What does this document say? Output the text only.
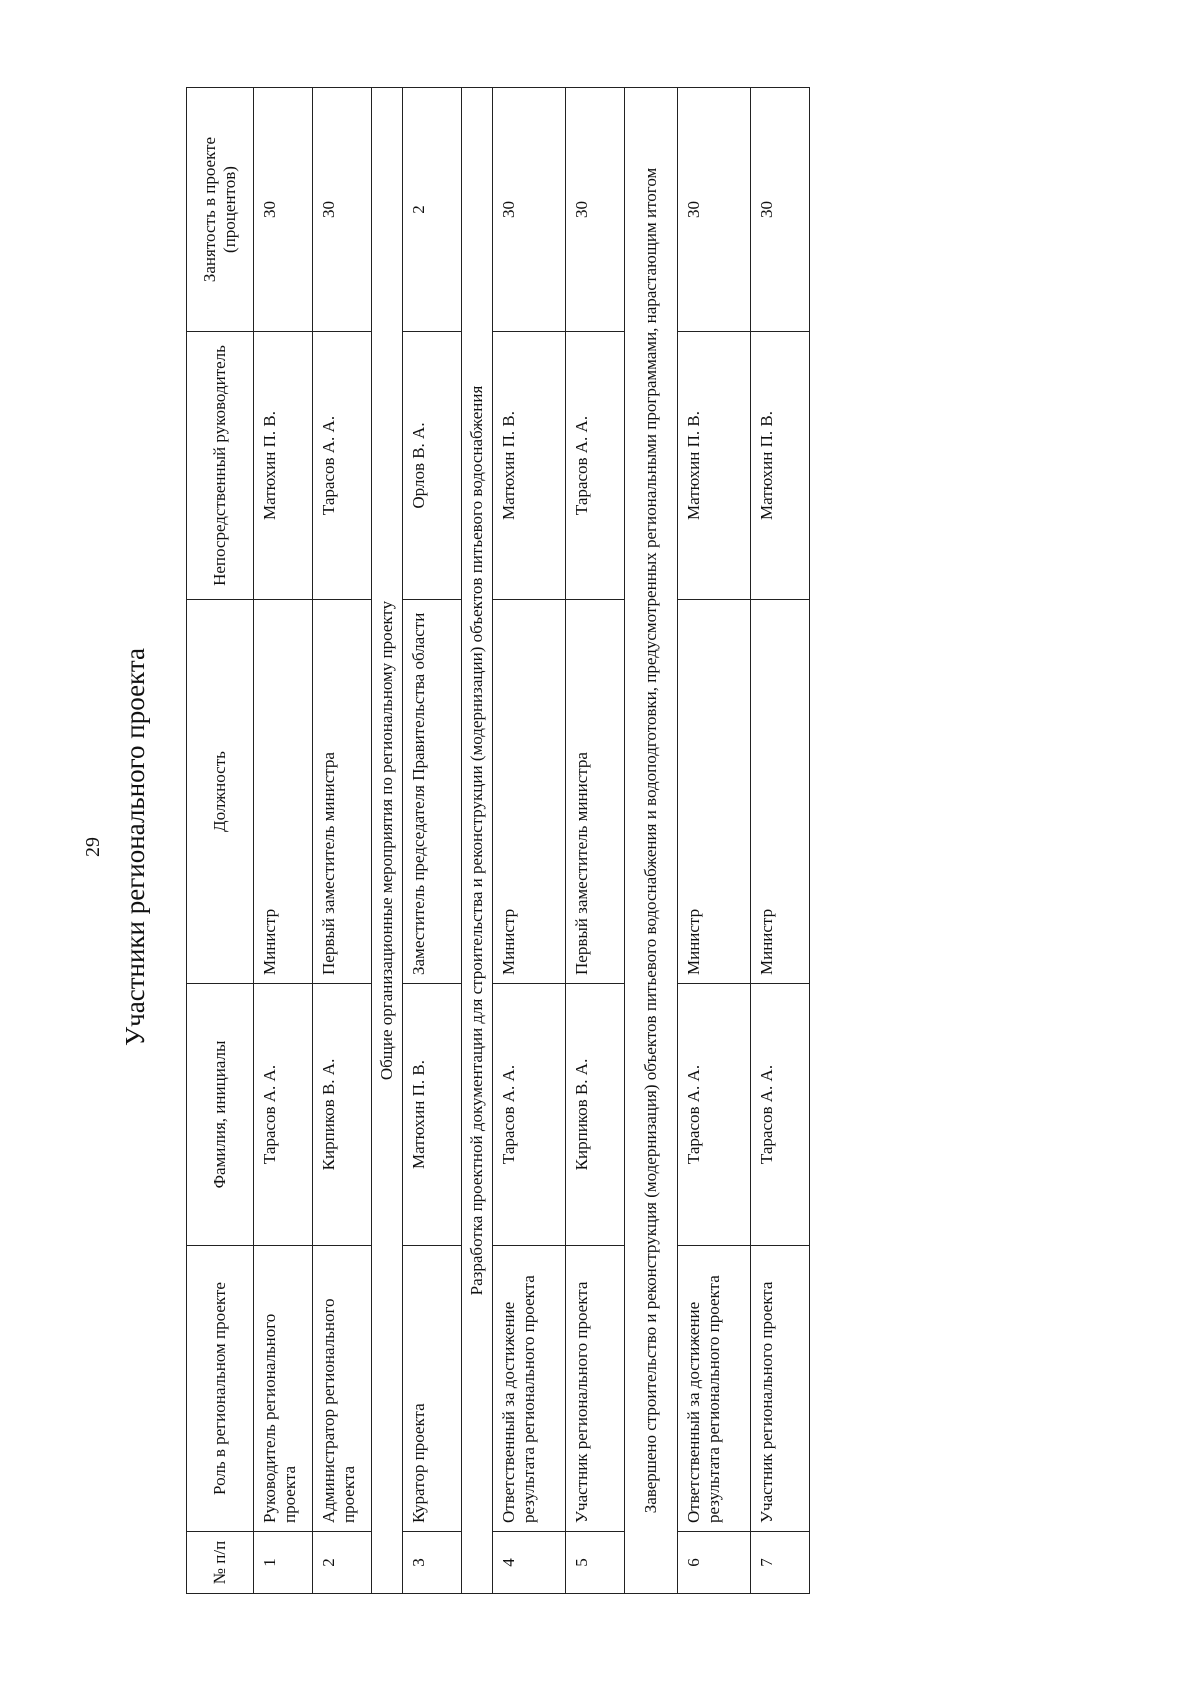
29 Участники регионального проекта
№ п/п	Роль в региональном проекте	Фамилия, инициалы	Должность	Непосредственный руководитель	Занятость в проекте (процентов)
1	Руководитель регионального проекта	Тарасов А. А.	Министр	Матюхин П. В.	30
2	Администратор регионального проекта	Кирпиков В. А.	Первый заместитель министра	Тарасов А. А.	30
Общие организационные мероприятия по региональному проекту					
3	Куратор проекта	Матюхин П. В.	Заместитель председателя Правительства области	Орлов В. А.	2
Разработка проектной документации для строительства и реконструкции (модернизации) объектов питьевого водоснабжения					
4	Ответственный за достижение результата регионального проекта	Тарасов А. А.	Министр	Матюхин П. В.	30
5	Участник регионального проекта	Кирпиков В. А.	Первый заместитель министра	Тарасов А. А.	30
Завершено строительство и реконструкция (модернизация) объектов питьевого водоснабжения и водоподготовки, предусмотренных региональными программами, нарастающим итогом					
6	Ответственный за достижение результата регионального проекта	Тарасов А. А.	Министр	Матюхин П. В.	30
7	Участник регионального проекта	Тарасов А. А.	Министр	Матюхин П. В.	30
